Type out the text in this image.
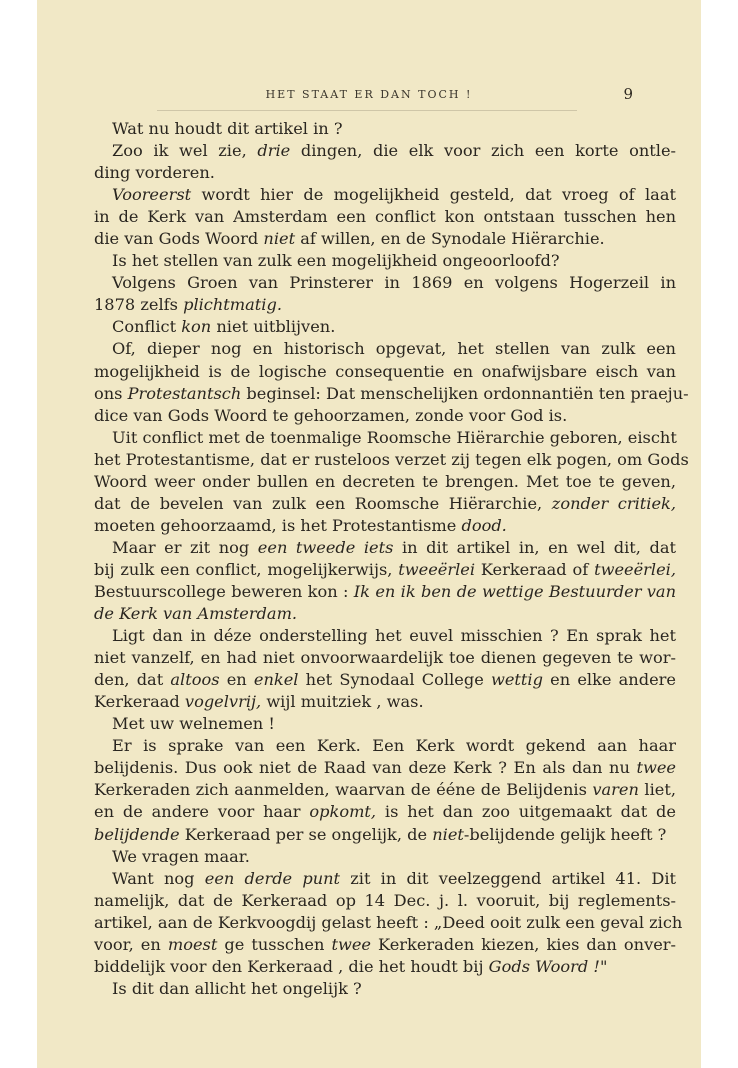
HET STAAT ER DAN TOCH !	9
Wat nu houdt dit artikel in ?
Zoo ik wel zie, drie dingen, die elk voor zich een korte ontle-
ding vorderen.
Vooreerst wordt hier de mogelijkheid gesteld, dat vroeg of laat
in de Kerk van Amsterdam een conflict kon ontstaan tusschen hen
die van Gods Woord niet af willen, en de Synodale Hiërarchie.
Is het stellen van zulk een mogelijkheid ongeoorloofd?
Volgens Groen van Prinsterer in 1869 en volgens Hogerzeil in
1878 zelfs plichtmatig.
Conflict kon niet uitblijven.
Of, dieper nog en historisch opgevat, het stellen van zulk een
mogelijkheid is de logische consequentie en onafwijsbare eisch van
ons Protestantsch beginsel: Dat menschelijken ordonnantiën ten praeju-
dice van Gods Woord te gehoorzamen, zonde voor God is.
Uit conflict met de toenmalige Roomsche Hiërarchie geboren, eischt
het Protestantisme, dat er rusteloos verzet zij tegen elk pogen, om Gods
Woord weer onder bullen en decreten te brengen. Met toe te geven,
dat de bevelen van zulk een Roomsche Hiërarchie, zonder critiek,
moeten gehoorzaamd, is het Protestantisme dood.
Maar er zit nog een tweede iets in dit artikel in, en wel dit, dat
bij zulk een conflict, mogelijkerwijs, tweeërlei Kerkeraad of tweeërlei,
Bestuurscollege beweren kon : Ik en ik ben de wettige Bestuurder van
de Kerk van Amsterdam.
Ligt dan in déze onderstelling het euvel misschien ? En sprak het
niet vanzelf, en had niet onvoorwaardelijk toe dienen gegeven te wor-
den, dat altoos en enkel het Synodaal College wettig en elke andere
Kerkeraad vogelvrij, wijl muitziek , was.
Met uw welnemen !
Er is sprake van een Kerk. Een Kerk wordt gekend aan haar
belijdenis. Dus ook niet de Raad van deze Kerk ? En als dan nu twee
Kerkeraden zich aanmelden, waarvan de ééne de Belijdenis varen liet,
en de andere voor haar opkomt, is het dan zoo uitgemaakt dat de
belijdende Kerkeraad per se ongelijk, de niet-belijdende gelijk heeft ?
We vragen maar.
Want nog een derde punt zit in dit veelzeggend artikel 41. Dit
namelijk, dat de Kerkeraad op 14 Dec. j. l. vooruit, bij reglements-
artikel, aan de Kerkvoogdij gelast heeft : „Deed ooit zulk een geval zich
voor, en moest ge tusschen twee Kerkeraden kiezen, kies dan onver-
biddelijk voor den Kerkeraad , die het houdt bij Gods Woord !"
Is dit dan allicht het ongelijk ?
